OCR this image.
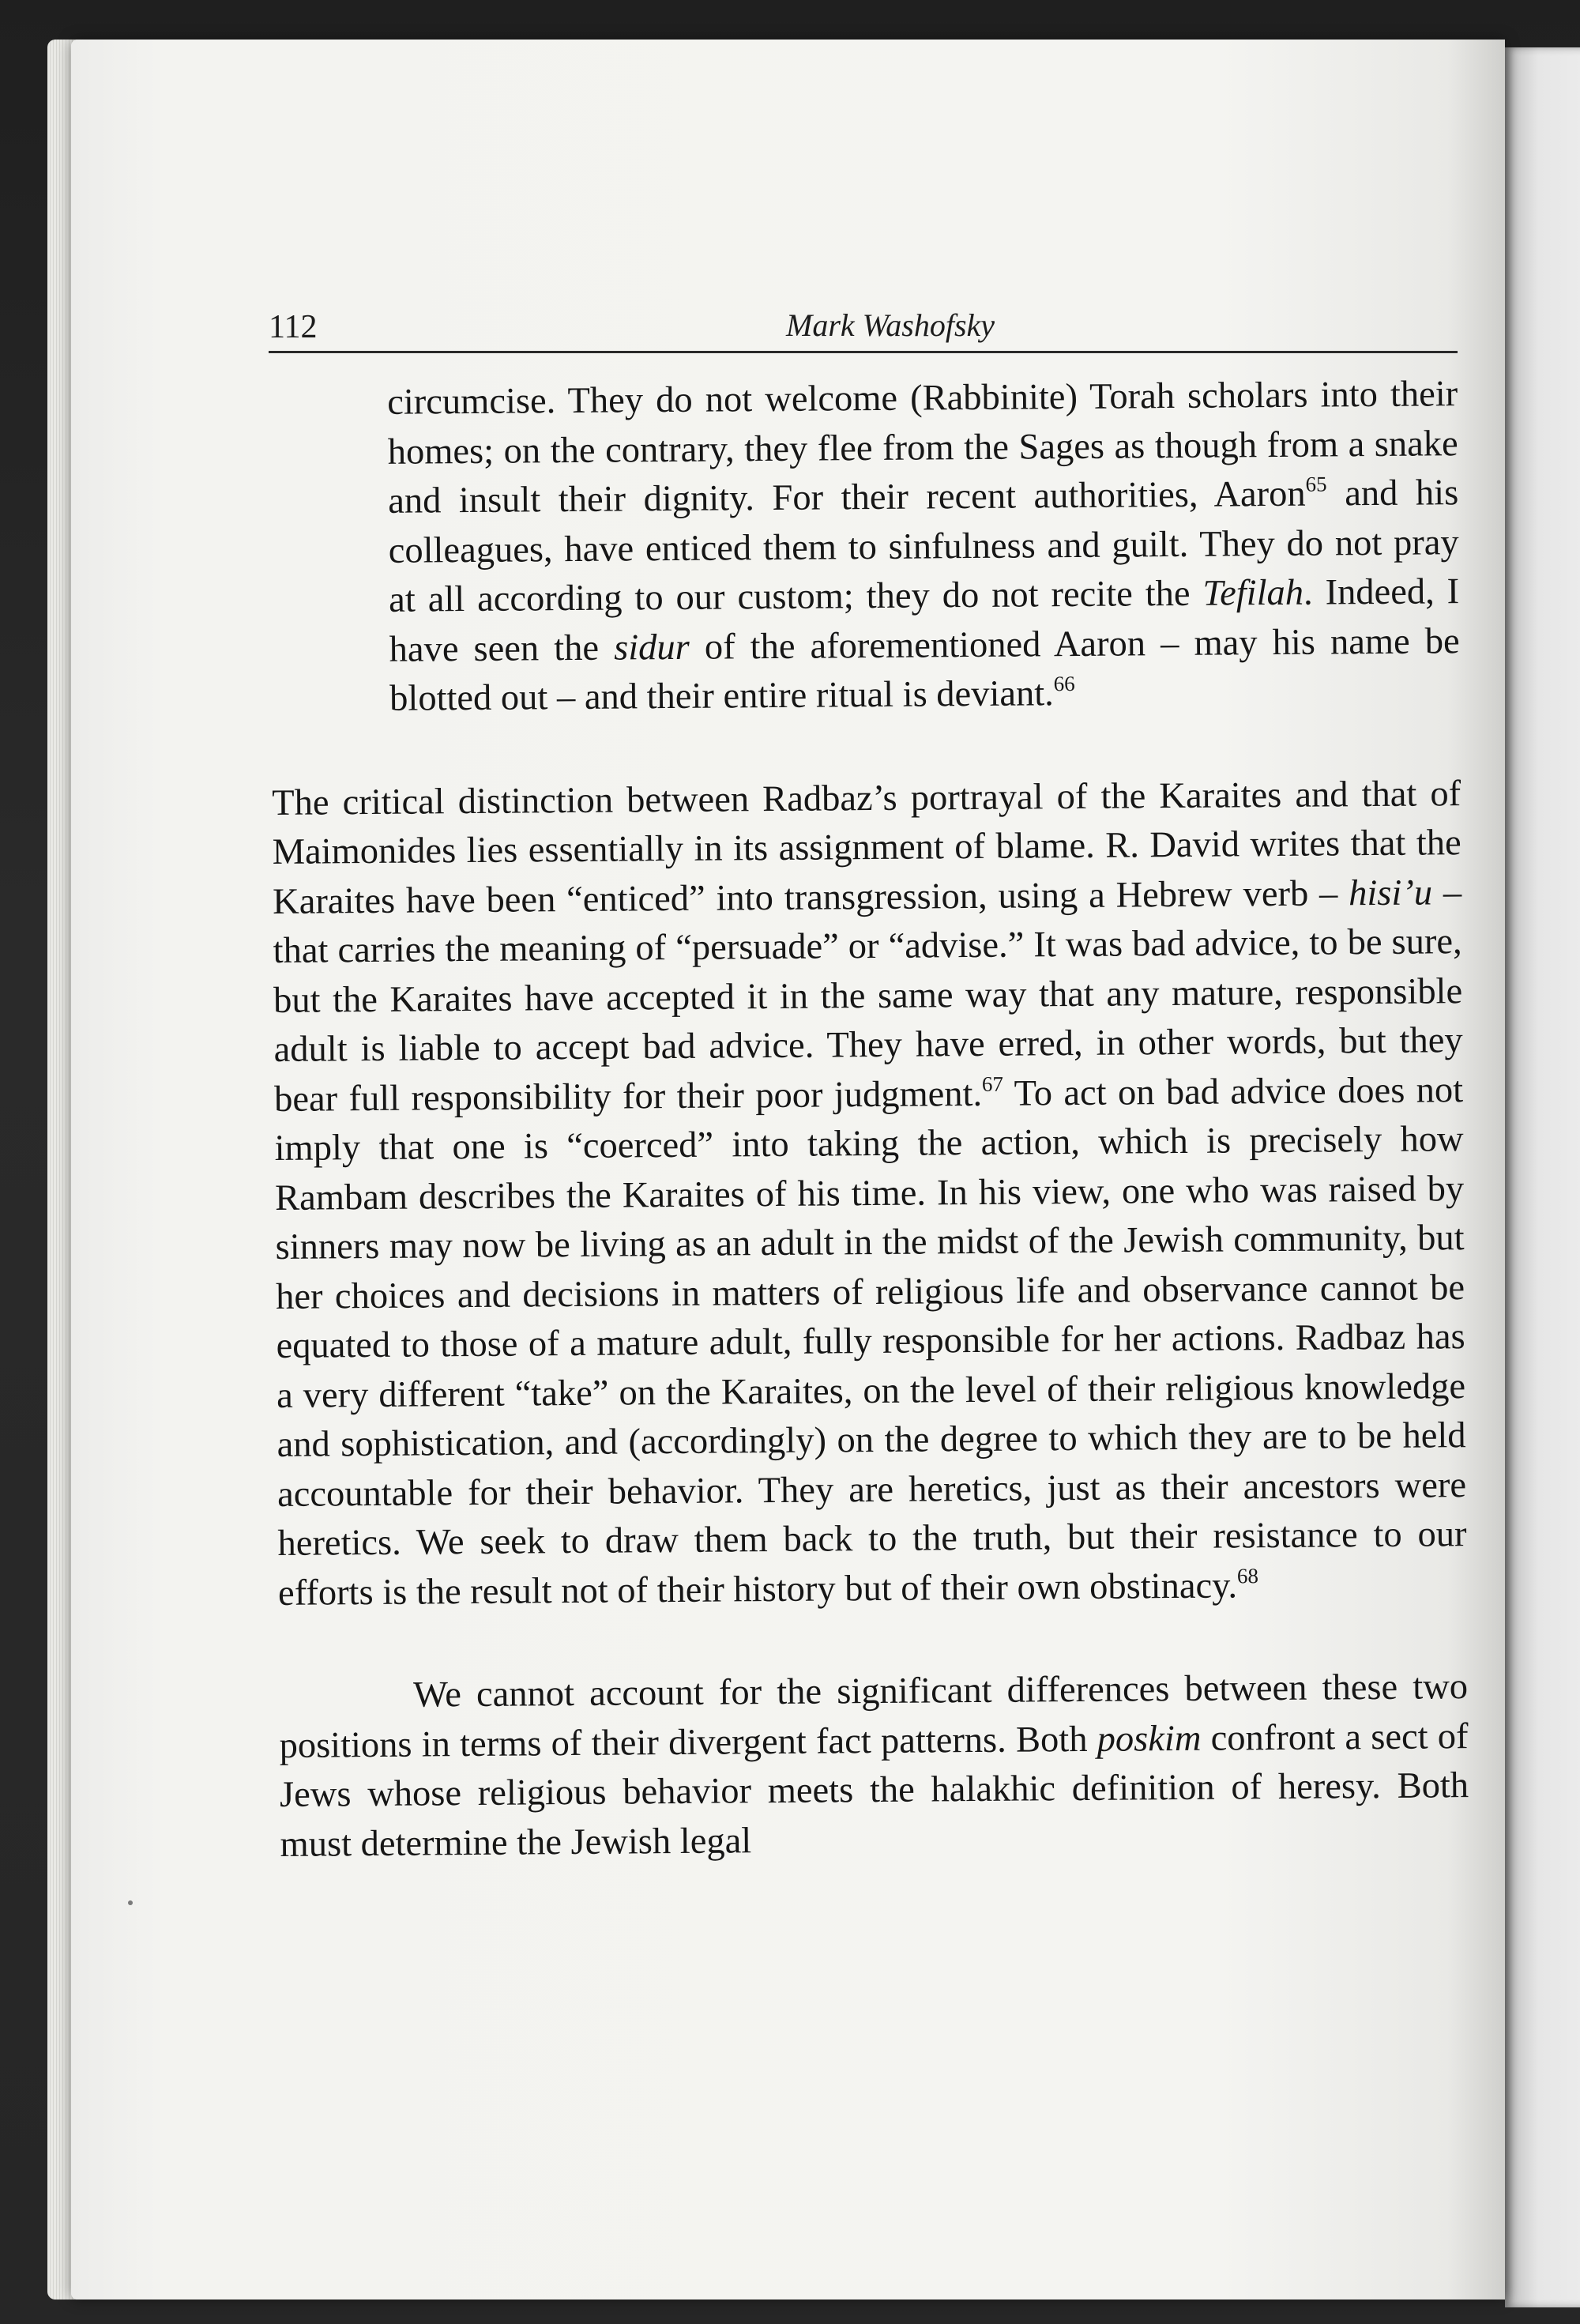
112	Mark Washofsky

circumcise. They do not welcome (Rabbinite) Torah scholars into their homes; on the contrary, they flee from the Sages as though from a snake and insult their dignity. For their recent authorities, Aaron$^{65}$ and his colleagues, have enticed them to sinfulness and guilt. They do not pray at all according to our custom; they do not recite the Tefilah. Indeed, I have seen the sidur of the aforementioned Aaron – may his name be blotted out – and their entire ritual is deviant.$^{66}$

The critical distinction between Radbaz’s portrayal of the Karaites and that of Maimonides lies essentially in its assignment of blame. R. David writes that the Karaites have been “enticed” into transgression, using a Hebrew verb – hisi’u – that carries the meaning of “persuade” or “advise.” It was bad advice, to be sure, but the Karaites have accepted it in the same way that any mature, responsible adult is liable to accept bad advice. They have erred, in other words, but they bear full responsibility for their poor judgment.$^{67}$ To act on bad advice does not imply that one is “coerced” into taking the action, which is precisely how Rambam describes the Karaites of his time. In his view, one who was raised by sinners may now be living as an adult in the midst of the Jewish community, but her choices and decisions in matters of religious life and observance cannot be equated to those of a mature adult, fully responsible for her actions. Radbaz has a very different “take” on the Karaites, on the level of their religious knowledge and sophistication, and (accordingly) on the degree to which they are to be held accountable for their behavior. They are heretics, just as their ancestors were heretics. We seek to draw them back to the truth, but their resistance to our efforts is the result not of their history but of their own obstinacy.$^{68}$

We cannot account for the significant differences between these two positions in terms of their divergent fact patterns. Both poskim confront a sect of Jews whose religious behavior meets the halakhic definition of heresy. Both must determine the Jewish legal
